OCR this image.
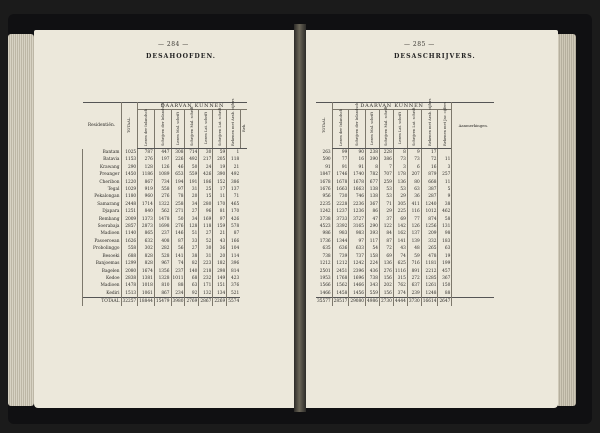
— 284 —
DESAHOOFDEN.
— 285 —
DESASCHRIJVERS.
Residentiën.	TOTAAL.	DAARVAN KUNNEN							
		Lezen der Inlandsch	Schrijven der Inlandsch	Lezen Mal. schrift	Schrijven Mal. schrift	Lezen Lat. schrift	Schrijven Lat. schrift	Rekenen met Arab. cijfers	Rek.
Bantam	1025	787	447	308	714	30	59	1	
Batavia	1153	276	197	226	492	217	205	118	
Krawang	290	128	126	46	50	24	19	21	
Preanger	1450	1186	1089	653	559	426	390	492	
Cheribon	1220	867	734	194	191	186	152	386	
Tegal	1029	919	558	97	31	25	17	137	
Pekalongan	1180	960	276	78	20	15	11	71	
Samarang	2448	1714	1322	258	34	280	170	465	
Djapara	1251	840	562	271	27	96	81	170	
Rembang	2009	1373	1478	50	34	169	97	426	
Soerabaja	2857	2873	1698	276	128	118	159	578	
Madioen	1140	865	237	146	51	27	21	87	
Pasoeroean	1626	632	408	87	33	52	43	166	
Probolinggo	558	302	282	56	27	30	36	104	
Besoeki	688	828	528	141	38	31	20	114	
Banjoemas	1299	828	967	74	82	223	182	396	
Bagelen	2080	1674	1356	237	140	218	298	814	
Kedoe	2838	1381	1328	1011	68	232	149	423	
Madioen	1478	1018	810	88	63	171	151	376	
Kediri	1513	1061	867	234	92	132	134	521	
TOTAAL	32257	18844	15479	3980	2769	2867	2269	5574	
TOTAAL.	DAARVAN KUNNEN								Aanmerkingen.
	Lezen der Inlandsch	Schrijven der Inlandsch	Lezen Mal. schrift	Schrijven Mal. schrift	Lezen Lat. schrift	Schrijven Lat. schrift	Rekenen met Arab. cijfers	Rekenen met Jav. cijfers	
263	99	90	238	228	8	9	17		
590	77	16	390	386	73	73	72	11	
91	91	91	8	7	3	6	16	3	
1847	1746	1740	782	707	178	207	879	257	
1678	1678	1678	677	259	136	80	668	11	
1676	1663	1663	138	53	53	63	387	5	
956	730	746	138	53	29	36	287	9	
2235	2228	2236	367	71	305	411	1240	38	
1242	1237	1236	86	29	225	116	1012	462	
3738	3733	3727	47	37	69	77	874	58	
4523	3392	3165	290	122	142	126	1256	131	
986	983	983	393	84	162	137	209	98	
1736	1344	97	117	87	141	139	332	183	
635	636	633	54	72	43	48	265	63	
738	739	737	158	69	74	59	478	19	
1212	1212	1242	224	136	625	716	1181	199	
2501	2451	2396	436	276	1116	891	2212	457	
1953	1768	1696	738	156	315	272	1285	367	
1566	1562	1466	343	202	762	637	1261	150	
1466	1458	1456	559	156	374	239	1248	88	
35577	28517	29080	4986	2730	4444	3730	16614	2647	
